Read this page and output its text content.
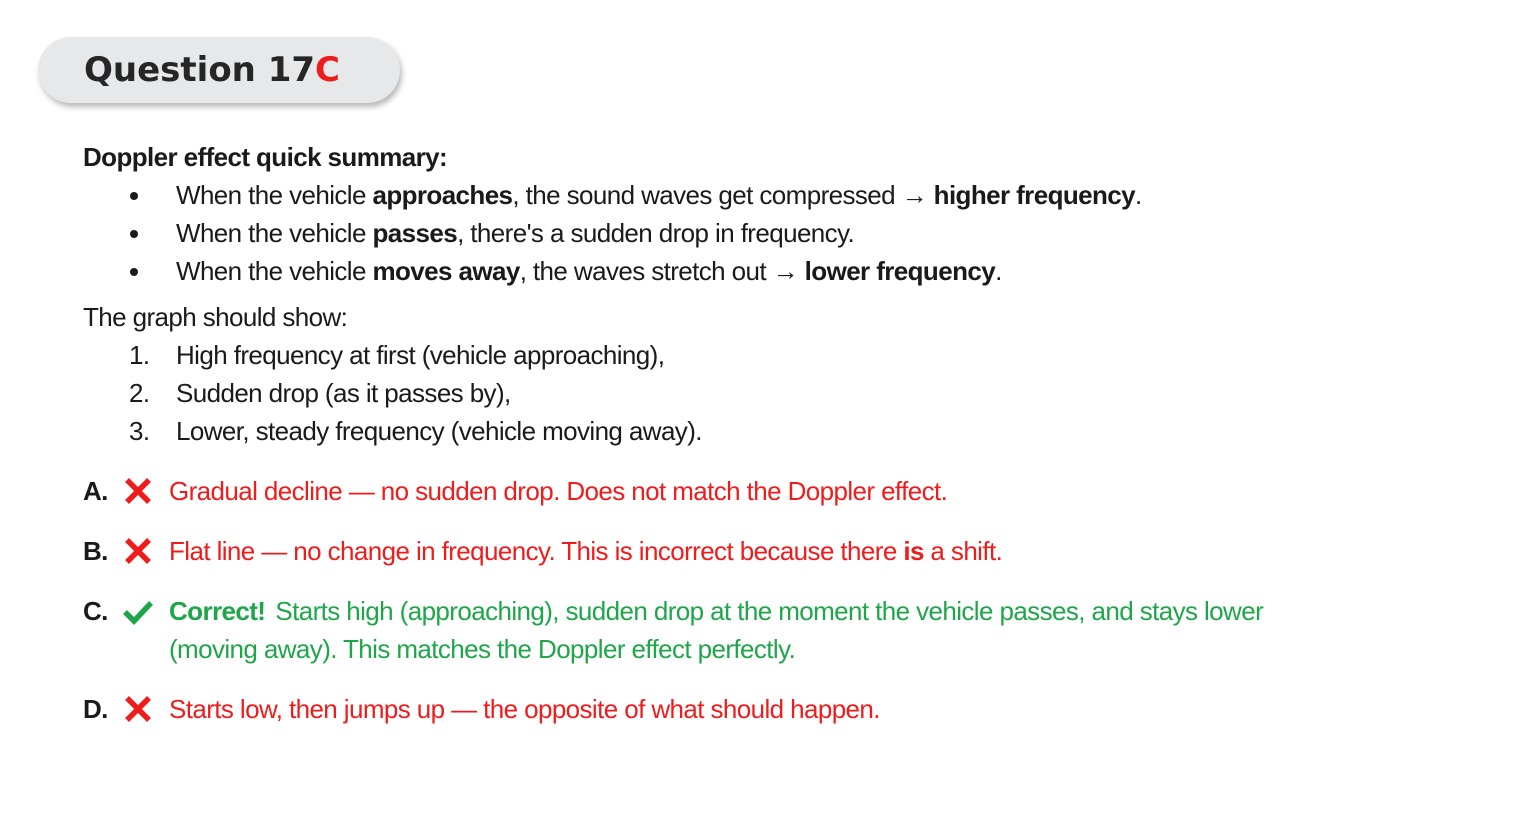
Question 17C
Doppler effect quick summary:
When the vehicle approaches, the sound waves get compressed → higher frequency.
When the vehicle passes, there's a sudden drop in frequency.
When the vehicle moves away, the waves stretch out → lower frequency.
The graph should show:
1. High frequency at first (vehicle approaching),
2. Sudden drop (as it passes by),
3. Lower, steady frequency (vehicle moving away).
A. Gradual decline — no sudden drop. Does not match the Doppler effect.
B. Flat line — no change in frequency. This is incorrect because there is a shift.
C. Correct! Starts high (approaching), sudden drop at the moment the vehicle passes, and stays lower (moving away). This matches the Doppler effect perfectly.
D. Starts low, then jumps up — the opposite of what should happen.
